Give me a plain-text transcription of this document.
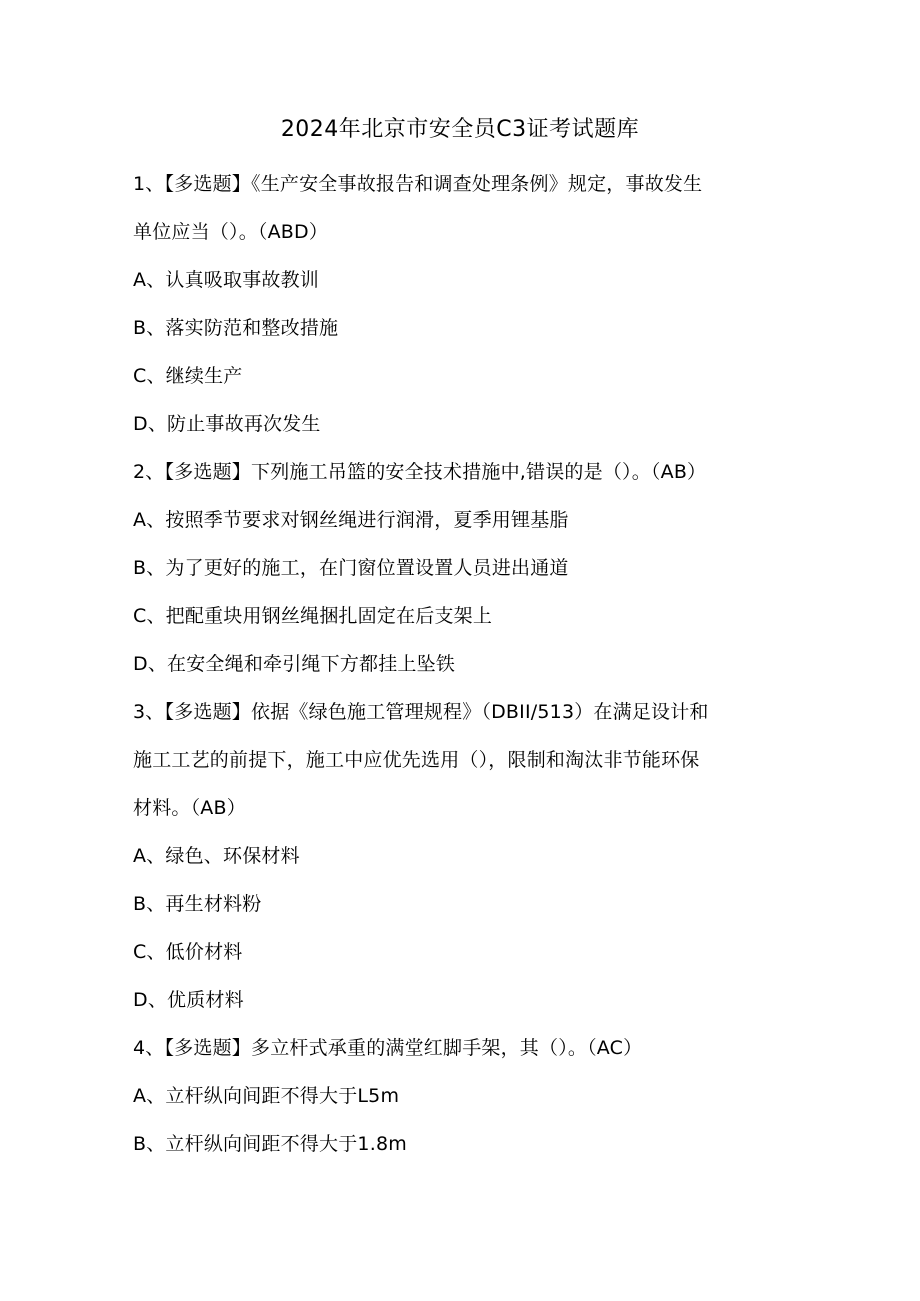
2024年北京市安全员C3证考试题库
1、【多选题】《生产安全事故报告和调查处理条例》规定，事故发生
单位应当（）。（ABD）
A、认真吸取事故教训
B、落实防范和整改措施
C、继续生产
D、防止事故再次发生
2、【多选题】下列施工吊篮的安全技术措施中,错误的是（）。（AB）
A、按照季节要求对钢丝绳进行润滑，夏季用锂基脂
B、为了更好的施工，在门窗位置设置人员进出通道
C、把配重块用钢丝绳捆扎固定在后支架上
D、在安全绳和牵引绳下方都挂上坠铁
3、【多选题】依据《绿色施工管理规程》（DBII/513）在满足设计和
施工工艺的前提下，施工中应优先选用（），限制和淘汰非节能环保
材料。（AB）
A、绿色、环保材料
B、再生材料粉
C、低价材料
D、优质材料
4、【多选题】多立杆式承重的满堂红脚手架，其（）。（AC）
A、立杆纵向间距不得大于L5m
B、立杆纵向间距不得大于1.8m
